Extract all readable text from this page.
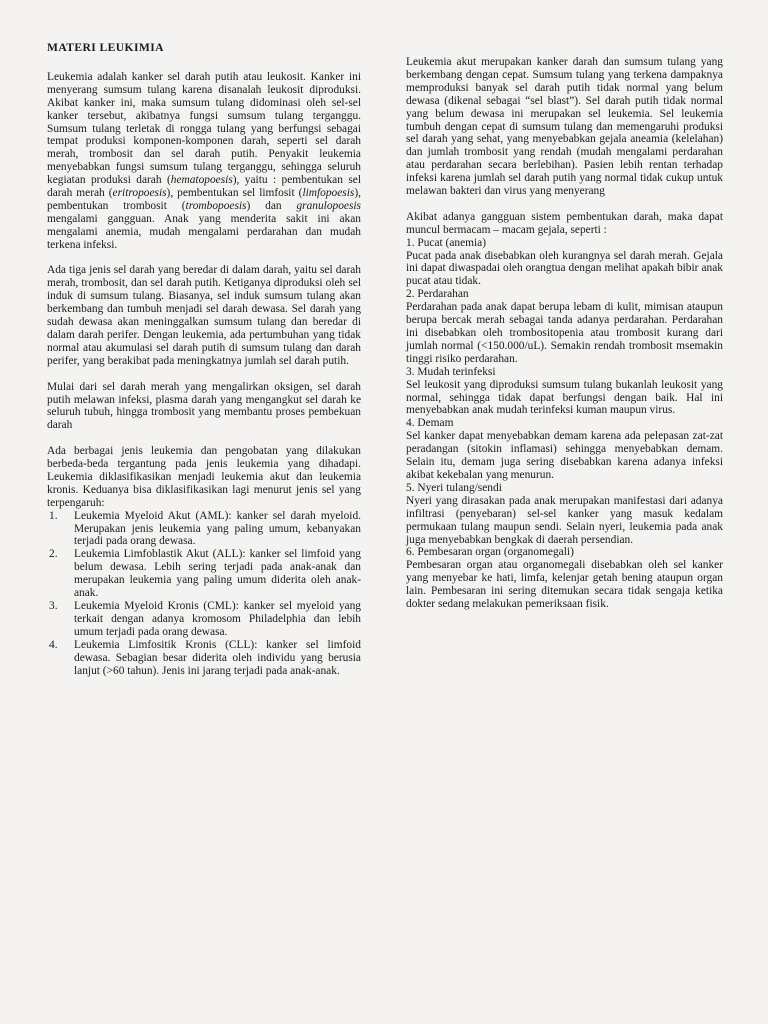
MATERI LEUKIMIA

Leukemia adalah kanker sel darah putih atau leukosit. Kanker ini menyerang sumsum tulang karena disanalah leukosit diproduksi. Akibat kanker ini, maka sumsum tulang didominasi oleh sel-sel kanker tersebut, akibatnya fungsi sumsum tulang terganggu. Sumsum tulang terletak di rongga tulang yang berfungsi sebagai tempat produksi komponen-komponen darah, seperti sel darah merah, trombosit dan sel darah putih. Penyakit leukemia menyebabkan fungsi sumsum tulang terganggu, sehingga seluruh kegiatan produksi darah (hematopoesis), yaitu : pembentukan sel darah merah (eritropoesis), pembentukan sel limfosit (limfopoesis), pembentukan trombosit (trombopoesis) dan granulopoesis mengalami gangguan. Anak yang menderita sakit ini akan mengalami anemia, mudah mengalami perdarahan dan mudah terkena infeksi.

Ada tiga jenis sel darah yang beredar di dalam darah, yaitu sel darah merah, trombosit, dan sel darah putih. Ketiganya diproduksi oleh sel induk di sumsum tulang. Biasanya, sel induk sumsum tulang akan berkembang dan tumbuh menjadi sel darah dewasa. Sel darah yang sudah dewasa akan meninggalkan sumsum tulang dan beredar di dalam darah perifer. Dengan leukemia, ada pertumbuhan yang tidak normal atau akumulasi sel darah putih di sumsum tulang dan darah perifer, yang berakibat pada meningkatnya jumlah sel darah putih.

Mulai dari sel darah merah yang mengalirkan oksigen, sel darah putih melawan infeksi, plasma darah yang mengangkut sel darah ke seluruh tubuh, hingga trombosit yang membantu proses pembekuan darah

Ada berbagai jenis leukemia dan pengobatan yang dilakukan berbeda-beda tergantung pada jenis leukemia yang dihadapi. Leukemia diklasifikasikan menjadi leukemia akut dan leukemia kronis. Keduanya bisa diklasifikasikan lagi menurut jenis sel yang terpengaruh:

1. Leukemia Myeloid Akut (AML): kanker sel darah myeloid. Merupakan jenis leukemia yang paling umum, kebanyakan terjadi pada orang dewasa.
2. Leukemia Limfoblastik Akut (ALL): kanker sel limfoid yang belum dewasa. Lebih sering terjadi pada anak-anak dan merupakan leukemia yang paling umum diderita oleh anak-anak.
3. Leukemia Myeloid Kronis (CML): kanker sel myeloid yang terkait dengan adanya kromosom Philadelphia dan lebih umum terjadi pada orang dewasa.
4. Leukemia Limfositik Kronis (CLL): kanker sel limfoid dewasa. Sebagian besar diderita oleh individu yang berusia lanjut (>60 tahun). Jenis ini jarang terjadi pada anak-anak.

Leukemia akut merupakan kanker darah dan sumsum tulang yang berkembang dengan cepat. Sumsum tulang yang terkena dampaknya memproduksi banyak sel darah putih tidak normal yang belum dewasa (dikenal sebagai “sel blast”). Sel darah putih tidak normal yang belum dewasa ini merupakan sel leukemia. Sel leukemia tumbuh dengan cepat di sumsum tulang dan memengaruhi produksi sel darah yang sehat, yang menyebabkan gejala aneamia (kelelahan) dan jumlah trombosit yang rendah (mudah mengalami perdarahan atau perdarahan secara berlebihan). Pasien lebih rentan terhadap infeksi karena jumlah sel darah putih yang normal tidak cukup untuk melawan bakteri dan virus yang menyerang

Akibat adanya gangguan sistem pembentukan darah, maka dapat muncul bermacam – macam gejala, seperti :

1. Pucat (anemia)

Pucat pada anak disebabkan oleh kurangnya sel darah merah. Gejala ini dapat diwaspadai oleh orangtua dengan melihat apakah bibir anak pucat atau tidak.

2. Perdarahan

Perdarahan pada anak dapat berupa lebam di kulit, mimisan ataupun berupa bercak merah sebagai tanda adanya perdarahan. Perdarahan ini disebabkan oleh trombositopenia atau trombosit kurang dari jumlah normal (<150.000/uL). Semakin rendah trombosit msemakin tinggi risiko perdarahan.

3. Mudah terinfeksi

Sel leukosit yang diproduksi sumsum tulang bukanlah leukosit yang normal, sehingga tidak dapat berfungsi dengan baik. Hal ini menyebabkan anak mudah terinfeksi kuman maupun virus.

4. Demam

Sel kanker dapat menyebabkan demam karena ada pelepasan zat-zat peradangan (sitokin inflamasi) sehingga menyebabkan demam. Selain itu, demam juga sering disebabkan karena adanya infeksi akibat kekebalan yang menurun.

5. Nyeri tulang/sendi

Nyeri yang dirasakan pada anak merupakan manifestasi dari adanya infiltrasi (penyebaran) sel-sel kanker yang masuk kedalam permukaan tulang maupun sendi. Selain nyeri, leukemia pada anak juga menyebabkan bengkak di daerah persendian.

6. Pembesaran organ (organomegali)

Pembesaran organ atau organomegali disebabkan oleh sel kanker yang menyebar ke hati, limfa, kelenjar getah bening ataupun organ lain. Pembesaran ini sering ditemukan secara tidak sengaja ketika dokter sedang melakukan pemeriksaan fisik.
